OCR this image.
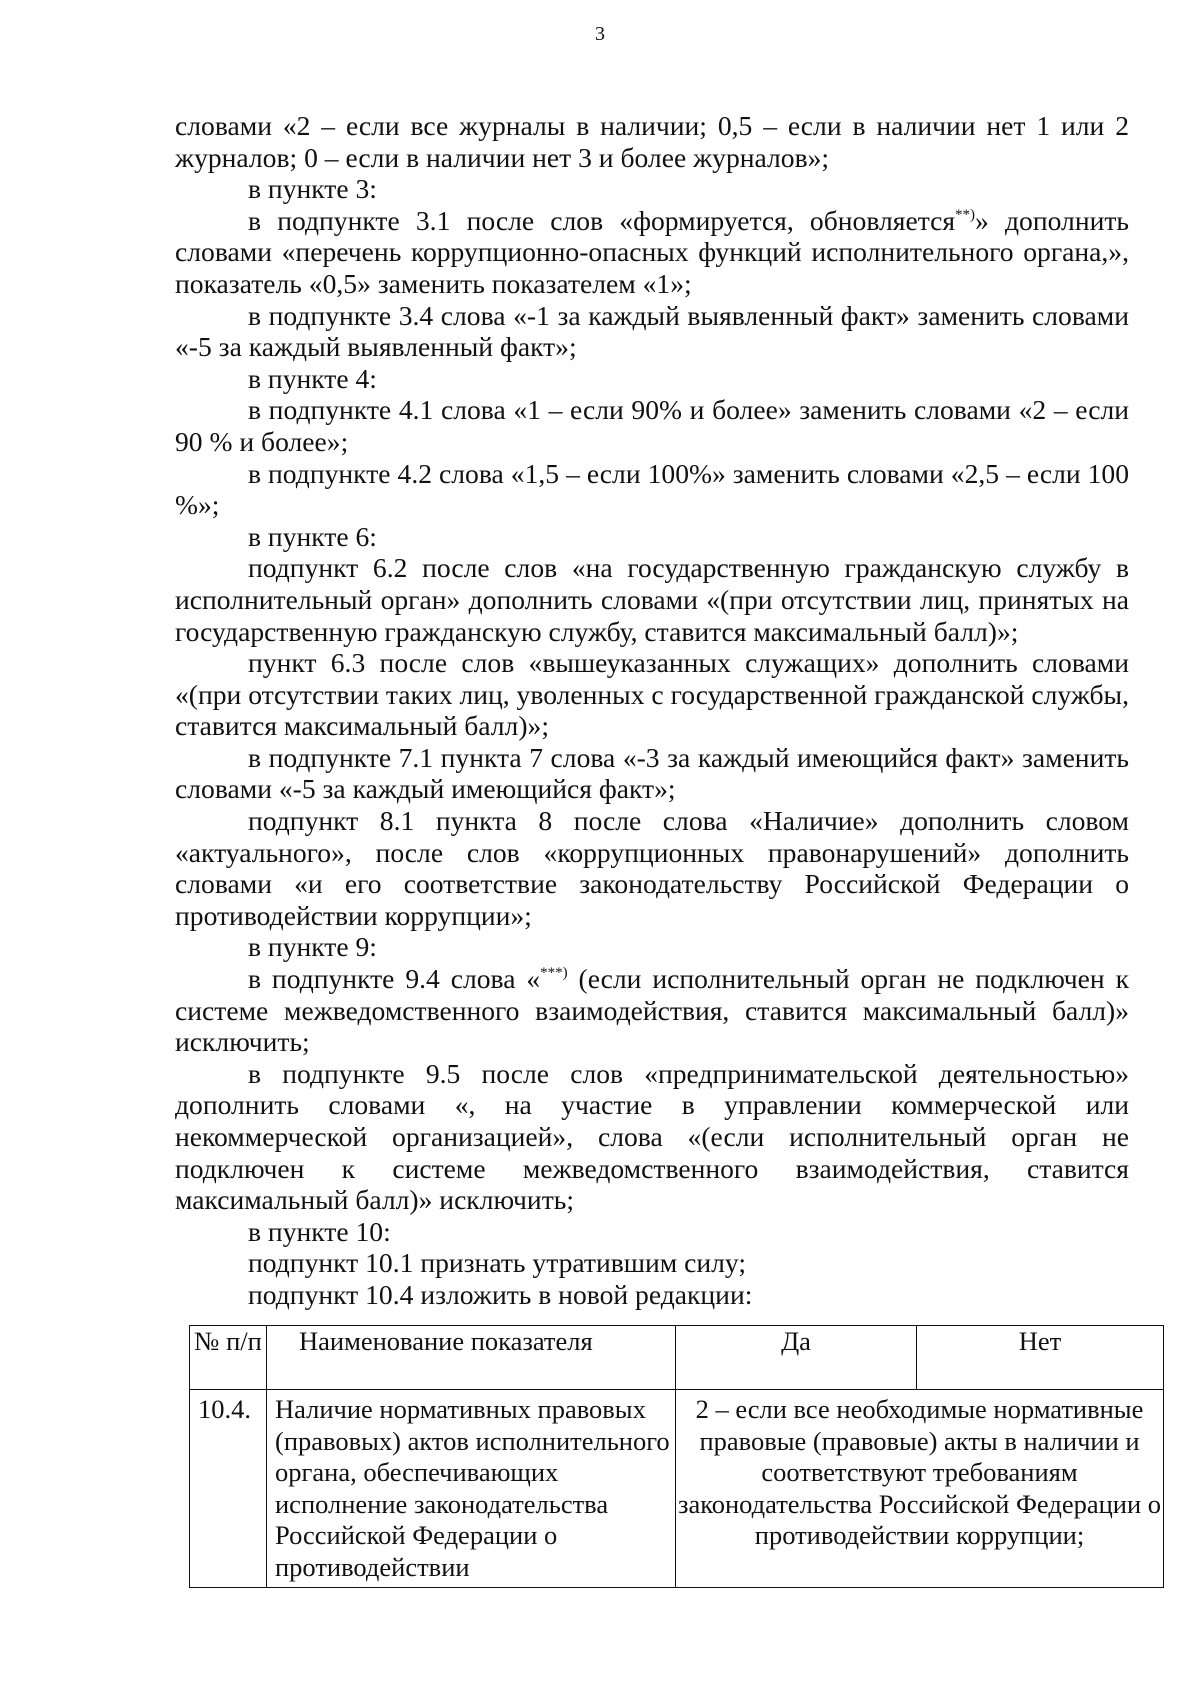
3

словами «2 – если все журналы в наличии; 0,5 – если в наличии нет 1 или 2 журналов; 0 – если в наличии нет 3 и более журналов»;

в пункте 3:

в подпункте 3.1 после слов «формируется, обновляется**)» дополнить словами «перечень коррупционно-опасных функций исполнительного органа,», показатель «0,5» заменить показателем «1»;

в подпункте 3.4 слова «-1 за каждый выявленный факт» заменить словами «-5 за каждый выявленный факт»;

в пункте 4:

в подпункте 4.1 слова «1 – если 90% и более» заменить словами «2 – если 90 % и более»;

в подпункте 4.2 слова «1,5 – если 100%» заменить словами «2,5 – если 100 %»;

в пункте 6:

подпункт 6.2 после слов «на государственную гражданскую службу в исполнительный орган» дополнить словами «(при отсутствии лиц, принятых на государственную гражданскую службу, ставится максимальный балл)»;

пункт 6.3 после слов «вышеуказанных служащих» дополнить словами «(при отсутствии таких лиц, уволенных с государственной гражданской службы, ставится максимальный балл)»;

в подпункте 7.1 пункта 7 слова «-3 за каждый имеющийся факт» заменить словами «-5 за каждый имеющийся факт»;

подпункт 8.1 пункта 8 после слова «Наличие» дополнить словом «актуального», после слов «коррупционных правонарушений» дополнить словами «и его соответствие законодательству Российской Федерации о противодействии коррупции»;

в пункте 9:

в подпункте 9.4 слова «***) (если исполнительный орган не подключен к системе межведомственного взаимодействия, ставится максимальный балл)» исключить;

в подпункте 9.5 после слов «предпринимательской деятельностью» дополнить словами «, на участие в управлении коммерческой или некоммерческой организацией», слова «(если исполнительный орган не подключен к системе межведомственного взаимодействия, ставится максимальный балл)» исключить;

в пункте 10:

подпункт 10.1 признать утратившим силу;

подпункт 10.4 изложить в новой редакции:

№ п/п	Наименование показателя	Да	Нет
10.4.	Наличие нормативных правовых (правовых) актов исполнительного органа, обеспечивающих исполнение законодательства Российской Федерации о противодействии	2 – если все необходимые нормативные правовые (правовые) акты в наличии и соответствуют требованиям законодательства Российской Федерации о противодействии коррупции;	
